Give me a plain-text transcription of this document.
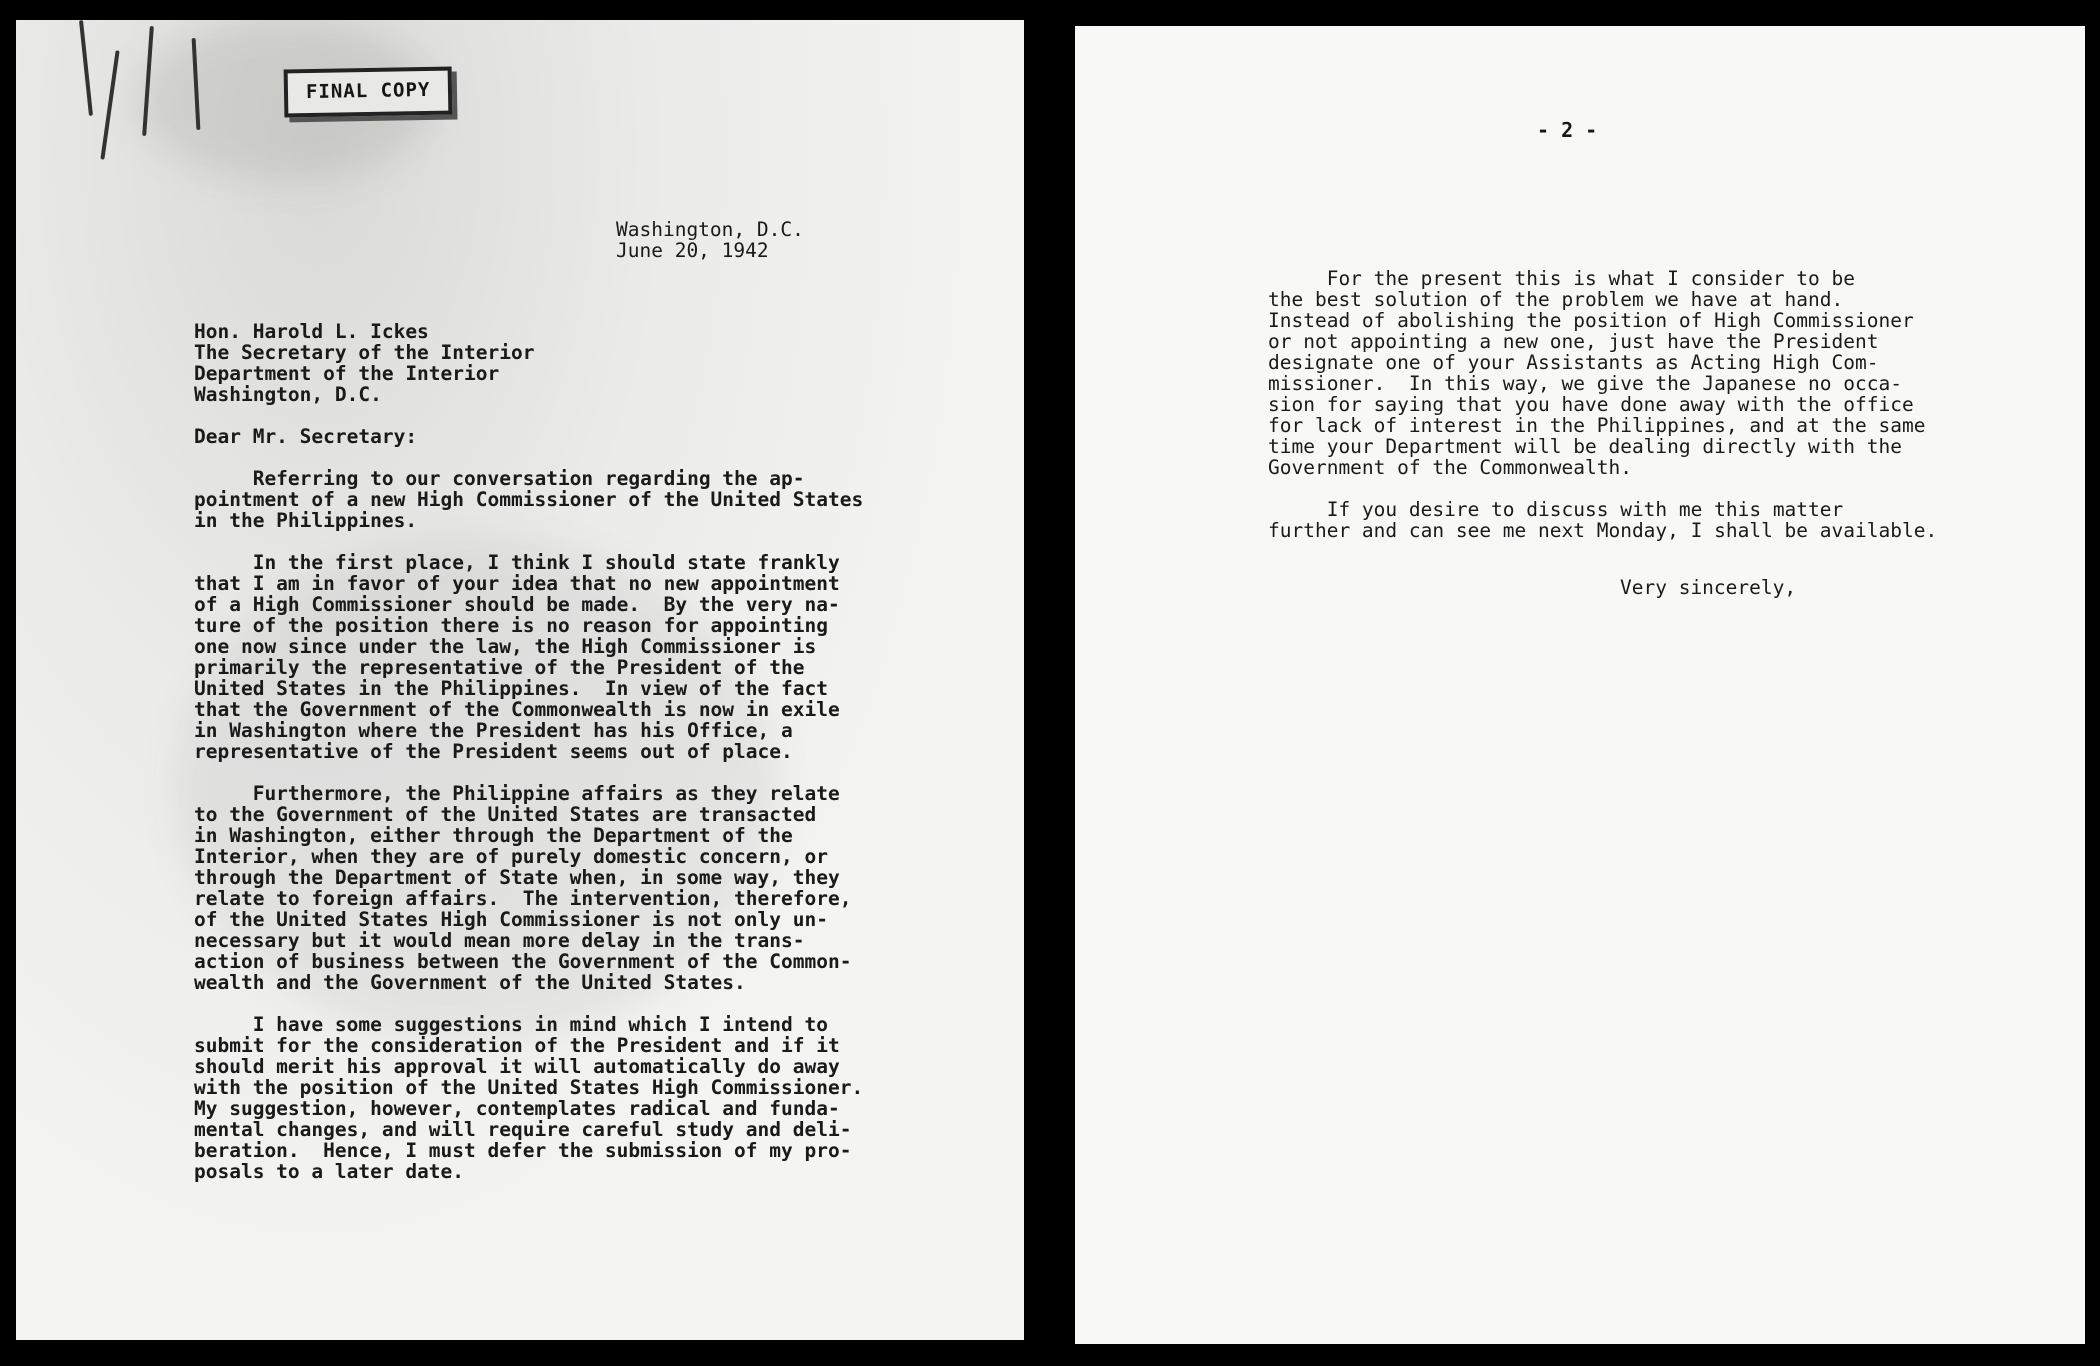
FINAL COPY
Washington, D.C.
June 20, 1942
Hon. Harold L. Ickes
The Secretary of the Interior
Department of the Interior
Washington, D.C.
Dear Mr. Secretary:
Referring to our conversation regarding the ap-
pointment of a new High Commissioner of the United States
in the Philippines.
In the first place, I think I should state frankly
that I am in favor of your idea that no new appointment
of a High Commissioner should be made.  By the very na-
ture of the position there is no reason for appointing
one now since under the law, the High Commissioner is
primarily the representative of the President of the
United States in the Philippines.  In view of the fact
that the Government of the Commonwealth is now in exile
in Washington where the President has his Office, a
representative of the President seems out of place.
Furthermore, the Philippine affairs as they relate
to the Government of the United States are transacted
in Washington, either through the Department of the
Interior, when they are of purely domestic concern, or
through the Department of State when, in some way, they
relate to foreign affairs.  The intervention, therefore,
of the United States High Commissioner is not only un-
necessary but it would mean more delay in the trans-
action of business between the Government of the Common-
wealth and the Government of the United States.
I have some suggestions in mind which I intend to
submit for the consideration of the President and if it
should merit his approval it will automatically do away
with the position of the United States High Commissioner.
My suggestion, however, contemplates radical and funda-
mental changes, and will require careful study and deli-
beration.  Hence, I must defer the submission of my pro-
posals to a later date.
- 2 -
For the present this is what I consider to be
the best solution of the problem we have at hand.
Instead of abolishing the position of High Commissioner
or not appointing a new one, just have the President
designate one of your Assistants as Acting High Com-
missioner.  In this way, we give the Japanese no occa-
sion for saying that you have done away with the office
for lack of interest in the Philippines, and at the same
time your Department will be dealing directly with the
Government of the Commonwealth.
If you desire to discuss with me this matter
further and can see me next Monday, I shall be available.
Very sincerely,
